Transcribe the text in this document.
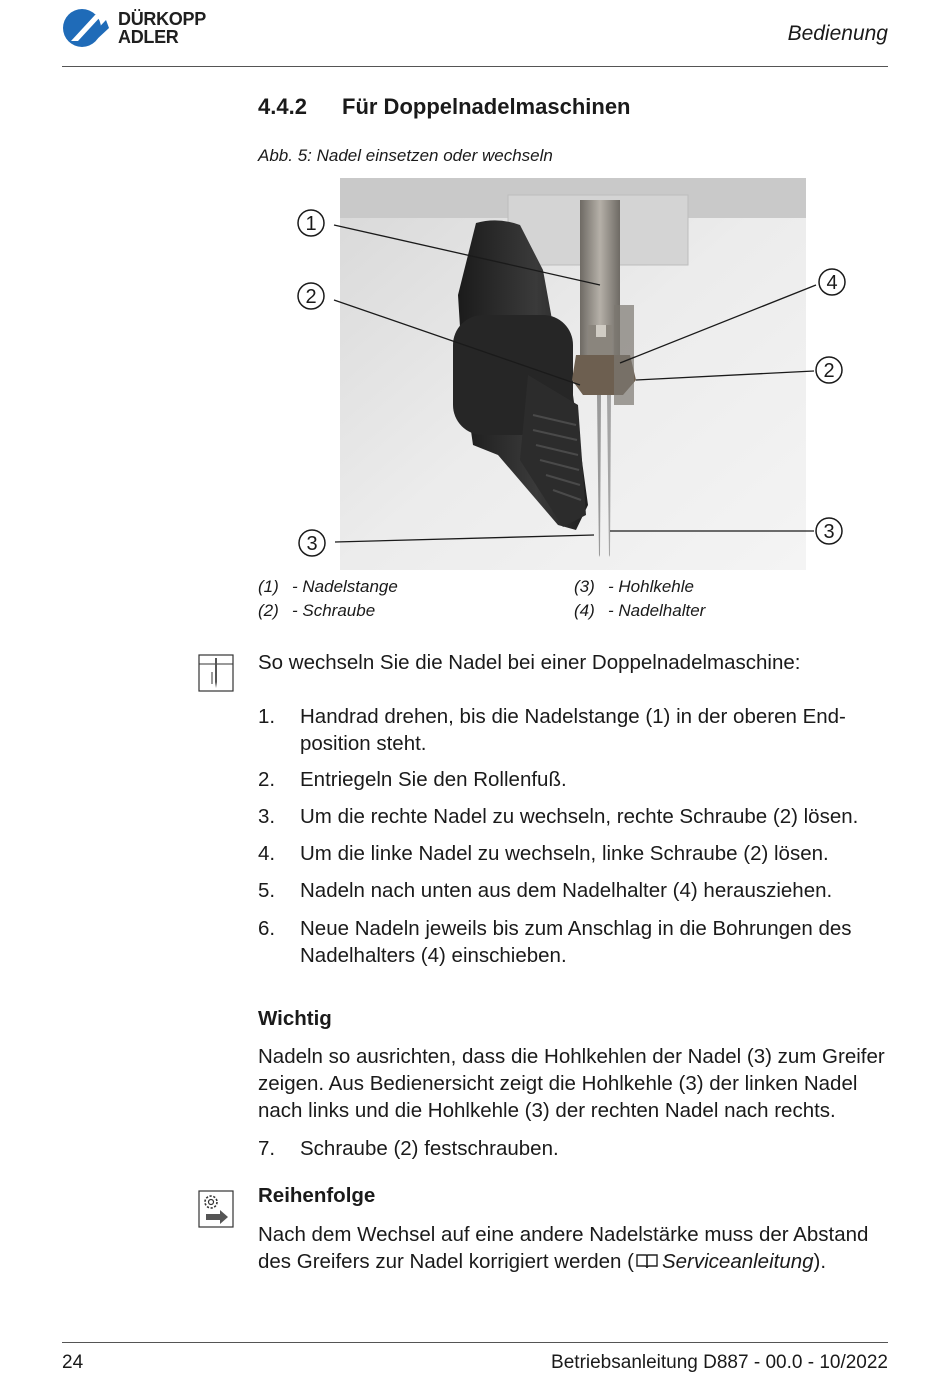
DÜRKOPP
ADLER	Bedienung
4.4.2 Für Doppelnadelmaschinen
Abb. 5: Nadel einsetzen oder wechseln
1
2
3
4
2
3
(1) - Nadelstange	(3) - Hohlkehle
(2) - Schraube	(4) - Nadelhalter
So wechseln Sie die Nadel bei einer Doppelnadelmaschine:
1. Handrad drehen, bis die Nadelstange (1) in der oberen End-position steht.
2. Entriegeln Sie den Rollenfuß.
3. Um die rechte Nadel zu wechseln, rechte Schraube (2) lösen.
4. Um die linke Nadel zu wechseln, linke Schraube (2) lösen.
5. Nadeln nach unten aus dem Nadelhalter (4) herausziehen.
6. Neue Nadeln jeweils bis zum Anschlag in die Bohrungen des Nadelhalters (4) einschieben.
Wichtig
Nadeln so ausrichten, dass die Hohlkehlen der Nadel (3) zum Greifer zeigen. Aus Bedienersicht zeigt die Hohlkehle (3) der linken Nadel nach links und die Hohlkehle (3) der rechten Nadel nach rechts.
7. Schraube (2) festschrauben.
Reihenfolge
Nach dem Wechsel auf eine andere Nadelstärke muss der Abstand des Greifers zur Nadel korrigiert werden ( Serviceanleitung).
24	Betriebsanleitung D887 - 00.0 - 10/2022
